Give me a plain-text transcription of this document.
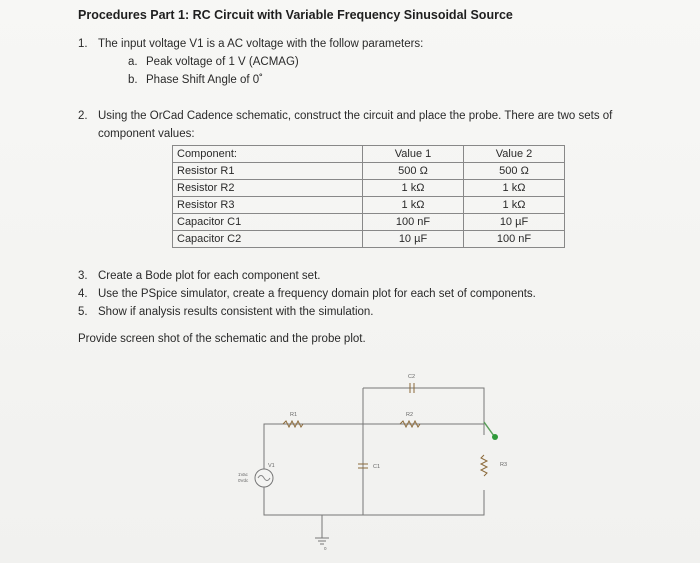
Procedures Part 1: RC Circuit with Variable Frequency Sinusoidal Source
1. The input voltage V1 is a AC voltage with the follow parameters:
a. Peak voltage of 1 V (ACMAG)
b. Phase Shift Angle of 0˚
2. Using the OrCad Cadence schematic, construct the circuit and place the probe. There are two sets of
component values:
Component:	Value 1	Value 2
Resistor R1	500 Ω	500 Ω
Resistor R2	1 kΩ	1 kΩ
Resistor R3	1 kΩ	1 kΩ
Capacitor C1	100 nF	10 µF
Capacitor C2	10 µF	100 nF
3. Create a Bode plot for each component set.
4. Use the PSpice simulator, create a frequency domain plot for each set of components.
5. Show if analysis results consistent with the simulation.
Provide screen shot of the schematic and the probe plot.
C2
R1	R2
R3
C1
V1
1Vac
0Vdc
0
